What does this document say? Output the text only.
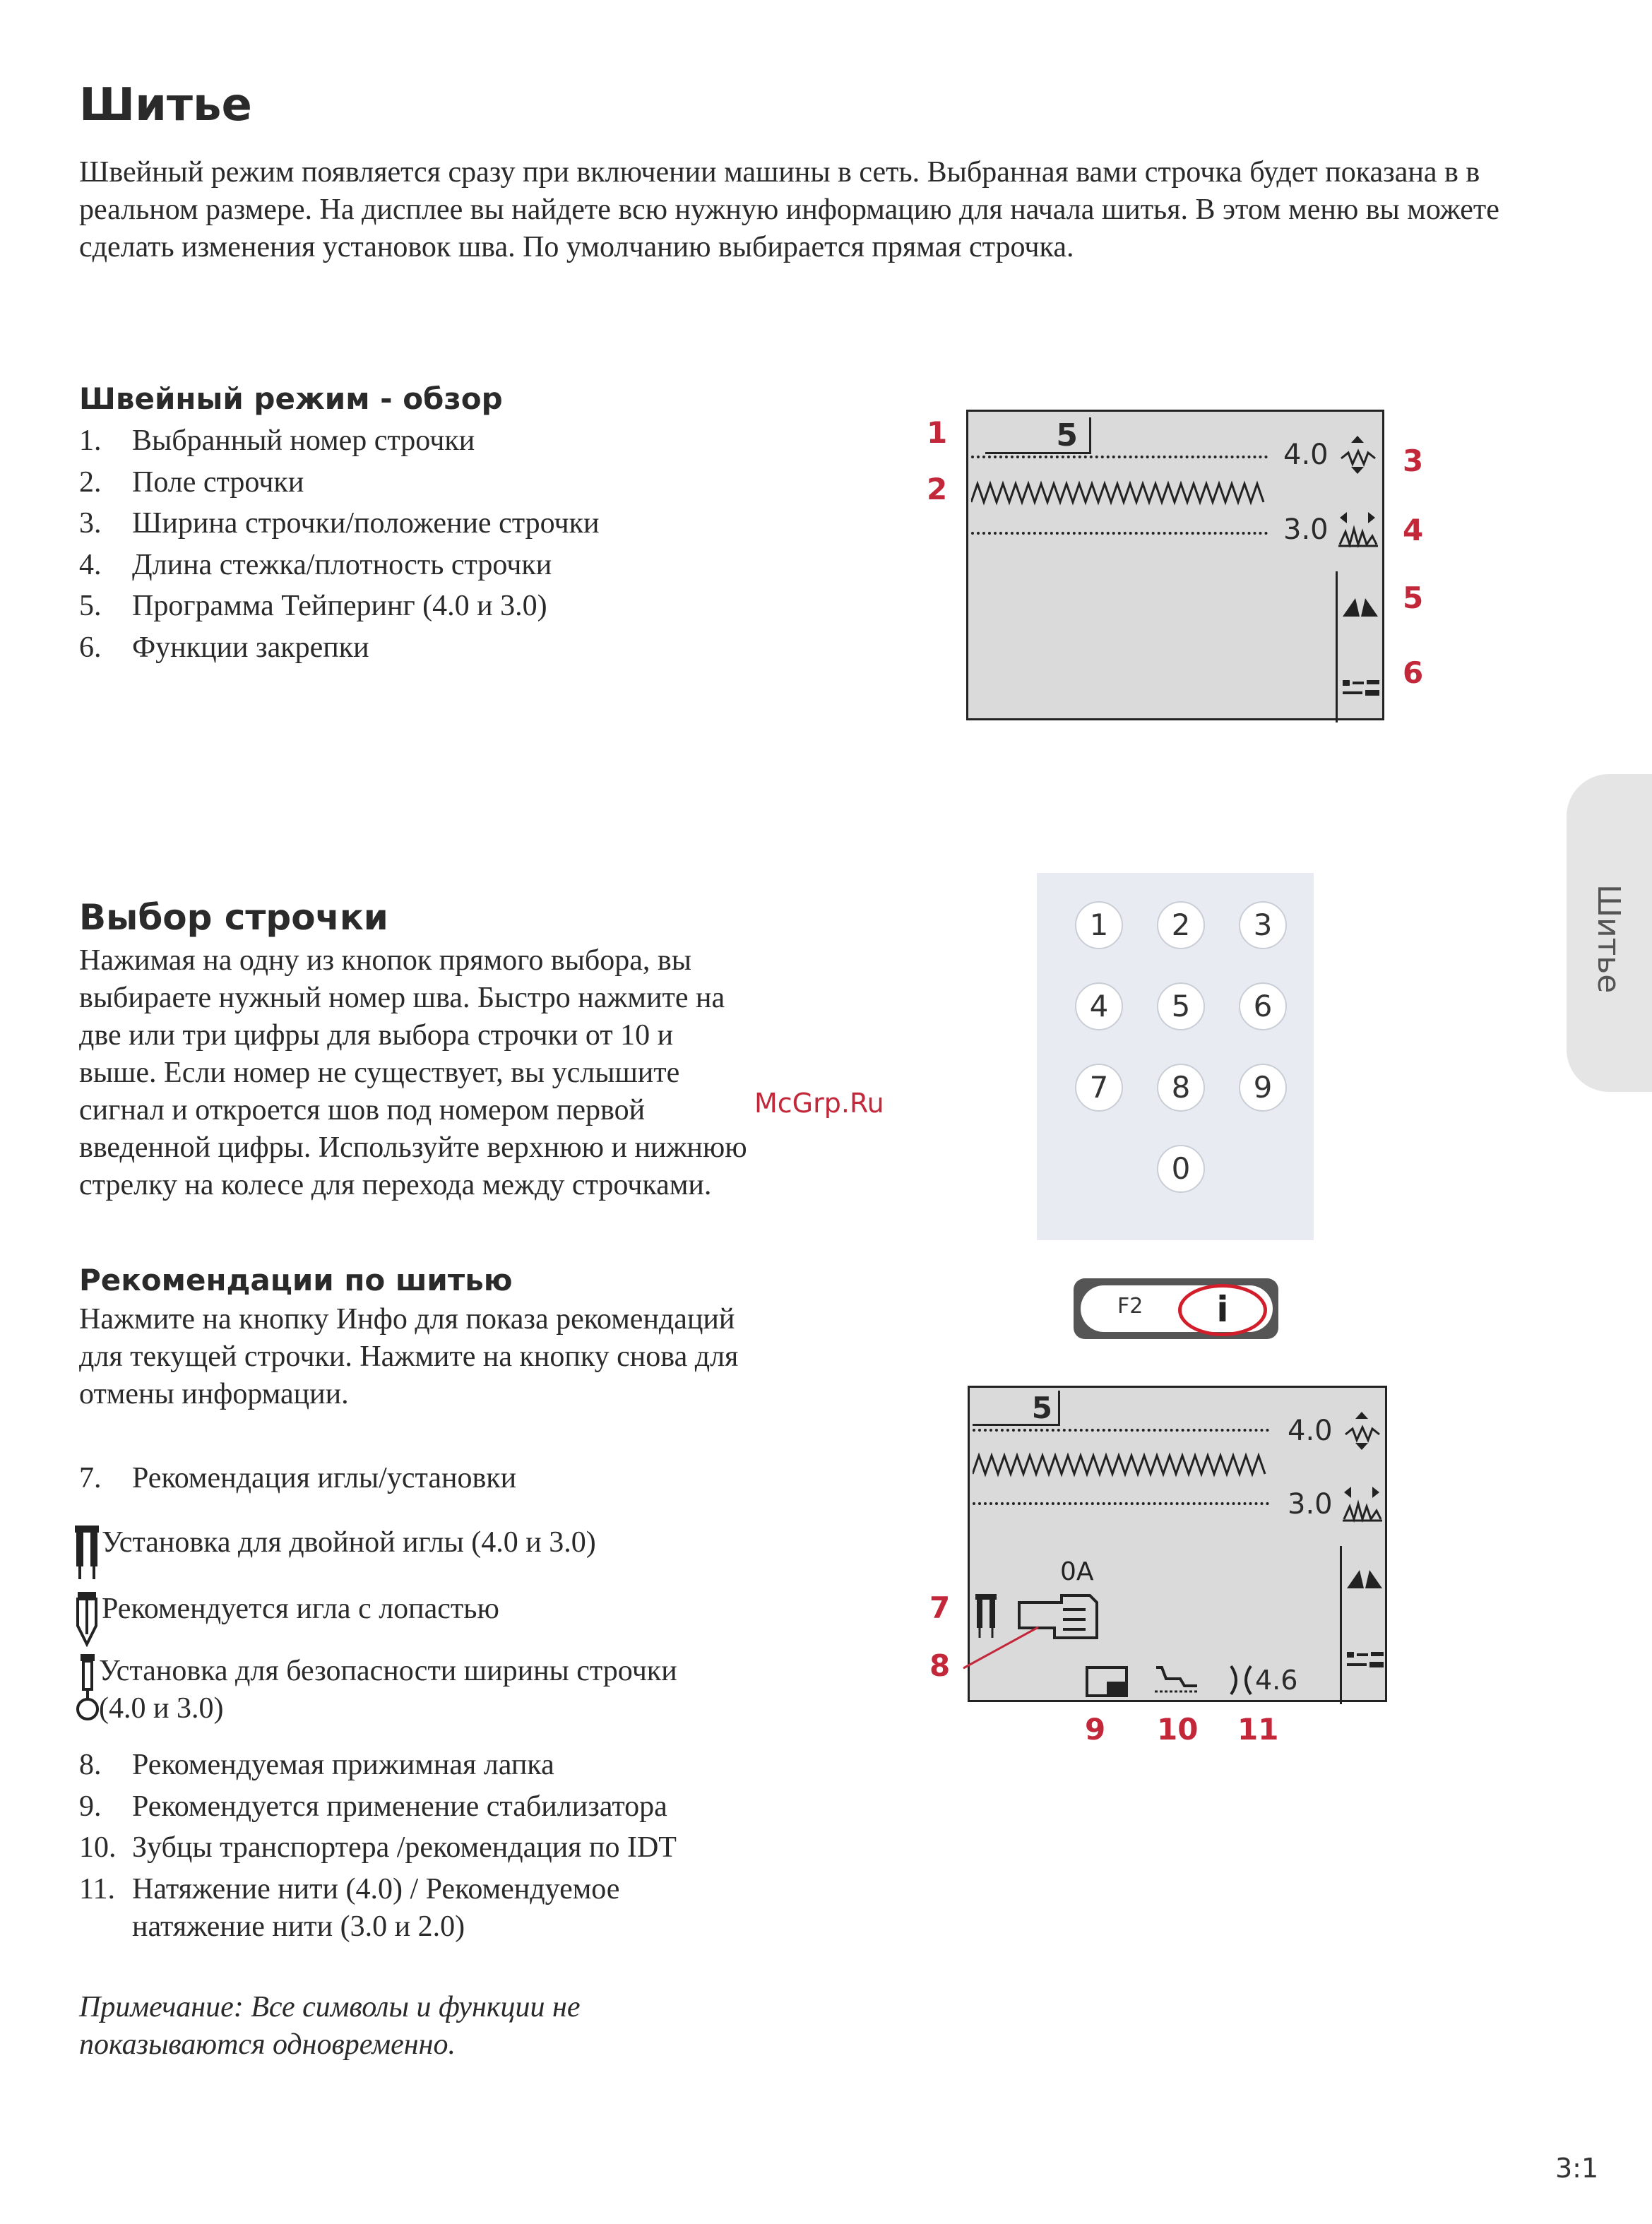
Шитье
Швейный режим появляется сразу при включении машины в сеть. Выбранная вами строчка будет показана в в реальном размере. На дисплее вы найдете всю нужную информацию для начала шитья. В этом меню вы можете сделать изменения установок шва. По умолчанию выбирается прямая строчка.
Швейный режим - обзор
1.	Выбранный номер строчки
2.	Поле строчки
3.	Ширина строчки/положение строчки
4.	Длина стежка/плотность строчки
5.	Программа Тейперинг (4.0 и 3.0)
6.	Функции закрепки
5
4.0
3.0
1
2
3
4
5
6
Шитье
Выбор строчки
Нажимая на одну из кнопок прямого выбора, вы выбираете нужный номер шва. Быстро нажмите на две или три цифры для выбора строчки от 10 и выше. Если номер не существует, вы услышите сигнал и откроется шов под номером первой введенной цифры. Используйте верхнюю и нижнюю стрелку на колесе для перехода между строчками.
McGrp.Ru
1	2	3
4	5	6
7	8	9
0
Рекомендации по шитью
Нажмите на кнопку Инфо для показа рекомендаций для текущей строчки. Нажмите на кнопку снова для отмены информации.
F2	i
5
4.0
3.0
0A
4.6
7
8
9 10 11
7.	Рекомендация иглы/установки
Установка для двойной иглы (4.0 и 3.0)
Рекомендуется игла с лопастью
Установка для безопасности ширины строчки (4.0 и 3.0)
8.	Рекомендуемая прижимная лапка
9.	Рекомендуется применение стабилизатора
10. Зубцы транспортера /рекомендация по IDT
11. Натяжение нити (4.0) / Рекомендуемое натяжение нити (3.0 и 2.0)
Примечание: Все символы и функции не показываются одновременно.
3:1
